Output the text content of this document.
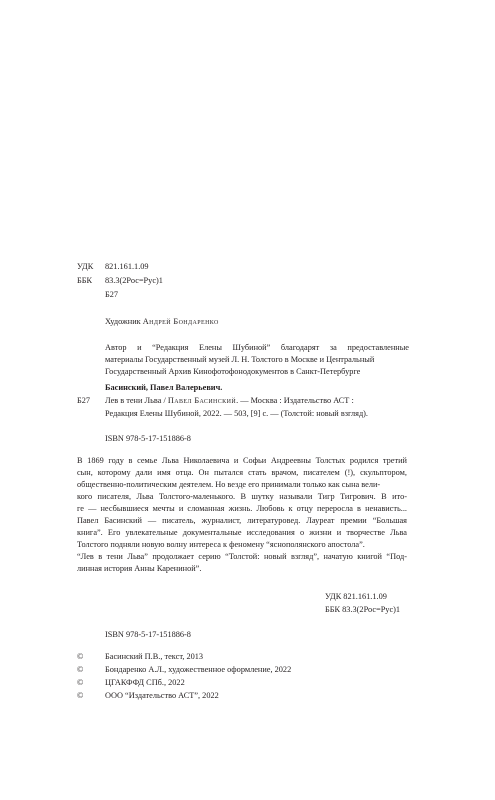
УДК 821.161.1.09
ББК 83.3(2Рос=Рус)1
Б27
Художник Андрей Бондаренко
Автор и “Редакция Елены Шубиной” благодарят за предоставленные
материалы Государственный музей Л. Н. Толстого в Москве и Центральный
Государственный Архив Кинофотофонодокументов в Санкт-Петербурге
Басинский, Павел Валерьевич.
Б27 Лев в тени Льва / Павел Басинский. — Москва : Издательство АСТ :
Редакция Елены Шубиной, 2022. — 503, [9] с. — (Толстой: новый взгляд).
ISBN 978-5-17-151886-8
В 1869 году в семье Льва Николаевича и Софьи Андреевны Толстых родился третий
сын, которому дали имя отца. Он пытался стать врачом, писателем (!), скульптором,
общественно-политическим деятелем. Но везде его принимали только как сына вели-
кого писателя, Льва Толстого-маленького. В шутку называли Тигр Тигрович. В ито-
ге — несбывшиеся мечты и сломанная жизнь. Любовь к отцу переросла в ненависть...
Павел Басинский — писатель, журналист, литературовед. Лауреат премии “Большая
книга”. Его увлекательные документальные исследования о жизни и творчестве Льва
Толстого подняли новую волну интереса к феномену “яснополянского апостола”.
“Лев в тени Льва” продолжает серию “Толстой: новый взгляд”, начатую книгой “Под-
линная история Анны Карениной”.
УДК 821.161.1.09
ББК 83.3(2Рос=Рус)1
ISBN 978-5-17-151886-8
©	Басинский П.В., текст, 2013
©	Бондаренко А.Л., художественное оформление, 2022
©	ЦГАКФФД СПб., 2022
©	ООО “Издательство АСТ”, 2022
